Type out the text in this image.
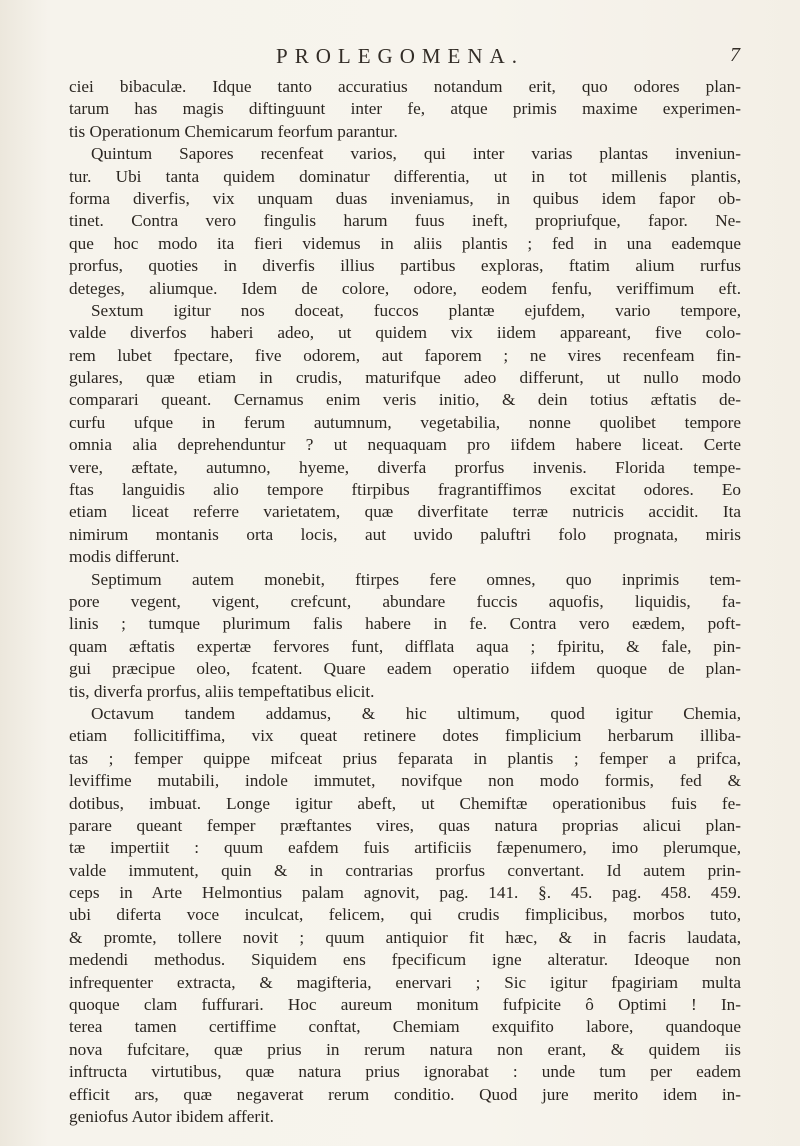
PROLEGOMENA.	7
ciei bibaculæ. Idque tanto accuratius notandum erit, quo odores plan-
tarum has magis diftinguunt inter fe, atque primis maxime experimen-
tis Operationum Chemicarum feorfum parantur.
Quintum Sapores recenfeat varios, qui inter varias plantas inveniun-
tur. Ubi tanta quidem dominatur differentia, ut in tot millenis plantis,
forma diverfis, vix unquam duas inveniamus, in quibus idem fapor ob-
tinet. Contra vero fingulis harum fuus ineft, propriufque, fapor. Ne-
que hoc modo ita fieri videmus in aliis plantis ; fed in una eademque
prorfus, quoties in diverfis illius partibus exploras, ftatim alium rurfus
deteges, aliumque. Idem de colore, odore, eodem fenfu, veriffimum eft.
Sextum igitur nos doceat, fuccos plantæ ejufdem, vario tempore,
valde diverfos haberi adeo, ut quidem vix iidem appareant, five colo-
rem lubet fpectare, five odorem, aut faporem ; ne vires recenfeam fin-
gulares, quæ etiam in crudis, maturifque adeo differunt, ut nullo modo
comparari queant. Cernamus enim veris initio, & dein totius æftatis de-
curfu ufque in ferum autumnum, vegetabilia, nonne quolibet tempore
omnia alia deprehenduntur ? ut nequaquam pro iifdem habere liceat. Certe
vere, æftate, autumno, hyeme, diverfa prorfus invenis. Florida tempe-
ftas languidis alio tempore ftirpibus fragrantiffimos excitat odores. Eo
etiam liceat referre varietatem, quæ diverfitate terræ nutricis accidit. Ita
nimirum montanis orta locis, aut uvido paluftri folo prognata, miris
modis differunt.
Septimum autem monebit, ftirpes fere omnes, quo inprimis tem-
pore vegent, vigent, crefcunt, abundare fuccis aquofis, liquidis, fa-
linis ; tumque plurimum falis habere in fe. Contra vero eædem, poft-
quam æftatis expertæ fervores funt, difflata aqua ; fpiritu, & fale, pin-
gui præcipue oleo, fcatent. Quare eadem operatio iifdem quoque de plan-
tis, diverfa prorfus, aliis tempeftatibus elicit.
Octavum tandem addamus, & hic ultimum, quod igitur Chemia,
etiam follicitiffima, vix queat retinere dotes fimplicium herbarum illiba-
tas ; femper quippe mifceat prius feparata in plantis ; femper a prifca,
leviffime mutabili, indole immutet, novifque non modo formis, fed &
dotibus, imbuat. Longe igitur abeft, ut Chemiftæ operationibus fuis fe-
parare queant femper præftantes vires, quas natura proprias alicui plan-
tæ impertiit : quum eafdem fuis artificiis fæpenumero, imo plerumque,
valde immutent, quin & in contrarias prorfus convertant. Id autem prin-
ceps in Arte Helmontius palam agnovit, pag. 141. §. 45. pag. 458. 459.
ubi diferta voce inculcat, felicem, qui crudis fimplicibus, morbos tuto,
& promte, tollere novit ; quum antiquior fit hæc, & in facris laudata,
medendi methodus. Siquidem ens fpecificum igne alteratur. Ideoque non
infrequenter extracta, & magifteria, enervari ; Sic igitur fpagiriam multa
quoque clam fuffurari. Hoc aureum monitum fufpicite ô Optimi ! In-
terea tamen certiffime conftat, Chemiam exquifito labore, quandoque
nova fufcitare, quæ prius in rerum natura non erant, & quidem iis
inftructa virtutibus, quæ natura prius ignorabat : unde tum per eadem
efficit ars, quæ negaverat rerum conditio. Quod jure merito idem in-
geniofus Autor ibidem afferit.
